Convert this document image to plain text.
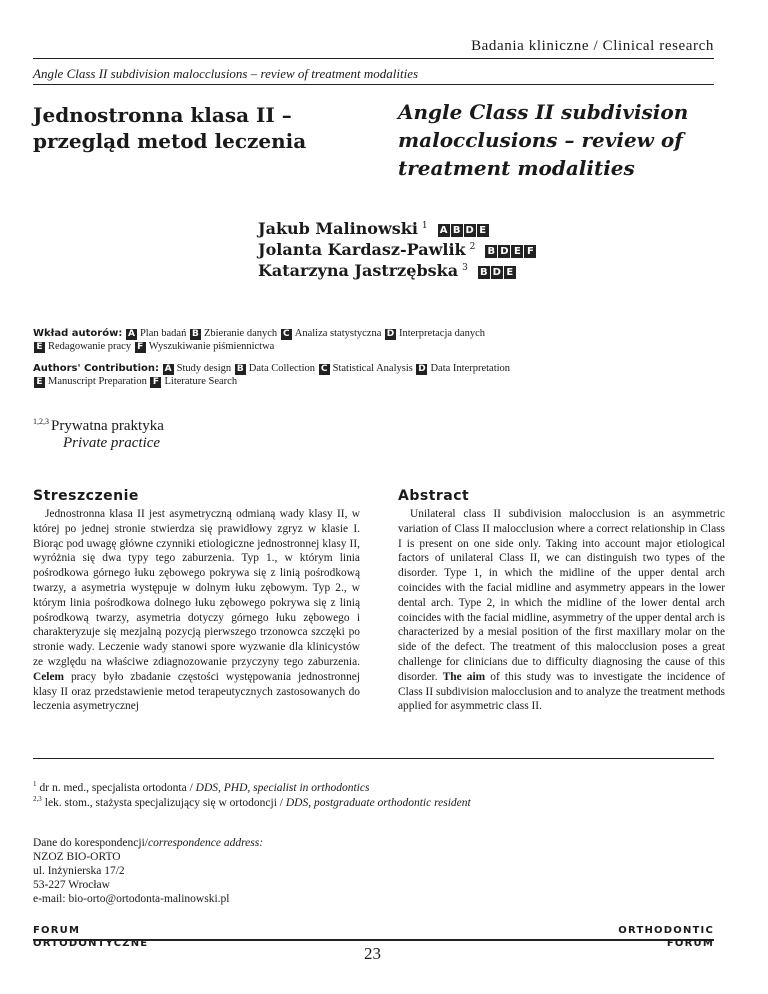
Badania kliniczne / Clinical research
Angle Class II subdivision malocclusions – review of treatment modalities
Jednostronna klasa II –
przegląd metod leczenia
Angle Class II subdivision
malocclusions – review of
treatment modalities
Jakub Malinowski $^1$ A B D E
Jolanta Kardasz-Pawlik $^2$ B D E F
Katarzyna Jastrzębska $^3$ B D E
Wkład autorów: A Plan badań B Zbieranie danych C Analiza statystyczna D Interpretacja danych
E Redagowanie pracy F Wyszukiwanie piśmiennictwa
Authors' Contribution: A Study design B Data Collection C Statistical Analysis D Data Interpretation
E Manuscript Preparation F Literature Search
$^{1,2,3}$ Prywatna praktyka
Private practice
Streszczenie	Abstract
Jednostronna klasa II jest asymetryczną odmianą wady klasy II, w której po jednej stronie stwierdza się prawidłowy zgryz w klasie I. Biorąc pod uwagę główne czynniki etiologiczne jednostronnej klasy II, wyróżnia się dwa typy tego zaburzenia. Typ 1., w którym linia pośrodkowa górnego łuku zębowego pokrywa się z linią pośrodkową twarzy, a asymetria występuje w dolnym łuku zębowym. Typ 2., w którym linia pośrodkowa dolnego łuku zębowego pokrywa się z linią pośrodkową twarzy, asymetria dotyczy górnego łuku zębowego i charakteryzuje się mezjalną pozycją pierwszego trzonowca szczęki po stronie wady. Leczenie wady stanowi spore wyzwanie dla klinicystów ze względu na właściwe zdiagnozowanie przyczyny tego zaburzenia. Celem pracy było zbadanie częstości występowania jednostronnej klasy II oraz przedstawienie metod terapeutycznych zastosowanych do leczenia asymetrycznej
Unilateral class II subdivision malocclusion is an asymmetric variation of Class II malocclusion where a correct relationship in Class I is present on one side only. Taking into account major etiological factors of unilateral Class II, we can distinguish two types of the disorder. Type 1, in which the midline of the upper dental arch coincides with the facial midline and asymmetry appears in the lower dental arch. Type 2, in which the midline of the lower dental arch coincides with the facial midline, asymmetry of the upper dental arch is characterized by a mesial position of the first maxillary molar on the side of the defect. The treatment of this malocclusion poses a great challenge for clinicians due to difficulty diagnosing the cause of this disorder. The aim of this study was to investigate the incidence of Class II subdivision malocclusion and to analyze the treatment methods applied for asymmetric class II.
$^1$ dr n. med., specjalista ortodonta / DDS, PHD, specialist in orthodontics
$^{2,3}$ lek. stom., stażysta specjalizujący się w ortodoncji / DDS, postgraduate orthodontic resident
Dane do korespondencji/correspondence address:
NZOZ BIO-ORTO
ul. Inżynierska 17/2
53-227 Wrocław
e-mail: bio-orto@ortodonta-malinowski.pl
FORUM
ORTODONTYCZNE
ORTHODONTIC
FORUM
23
